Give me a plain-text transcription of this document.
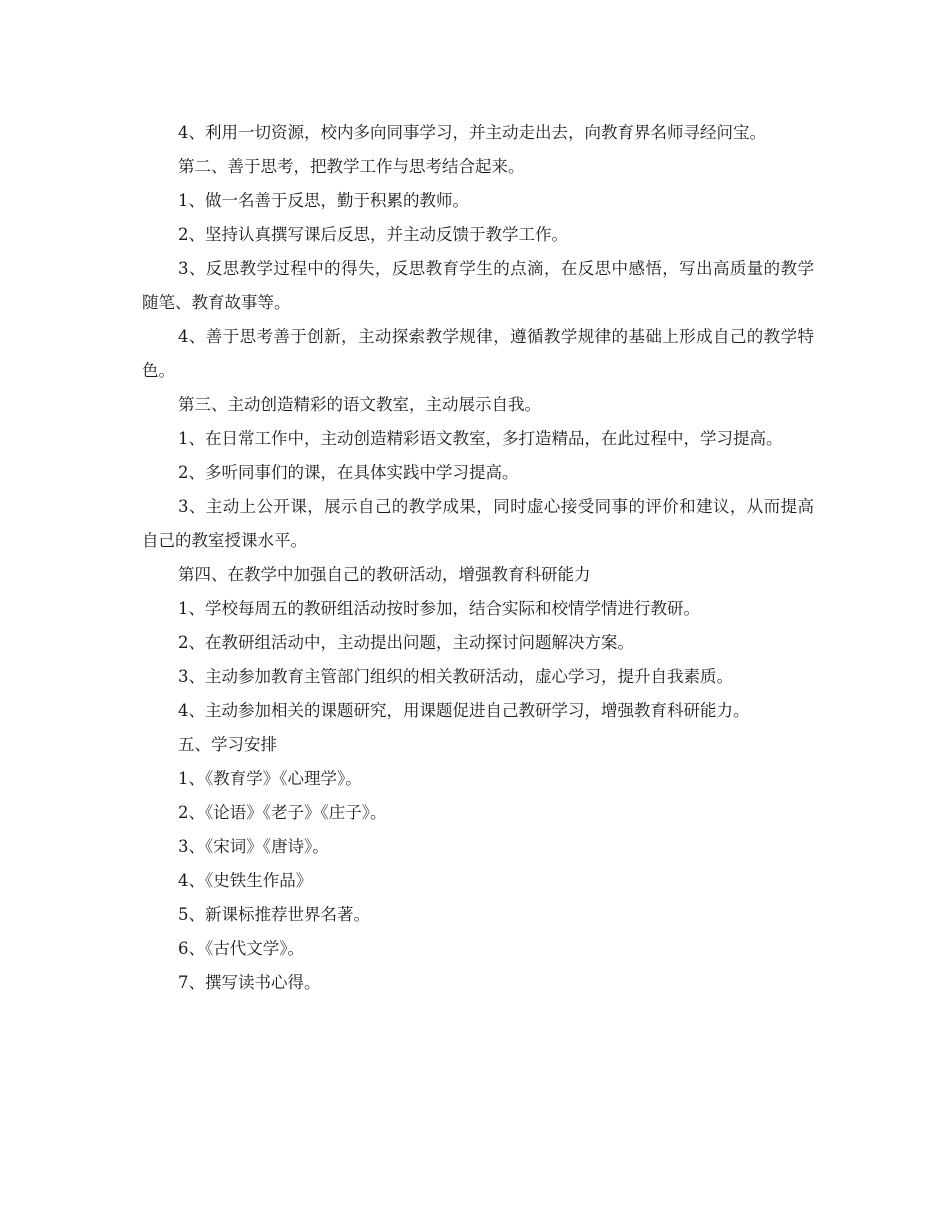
4、利用一切资源，校内多向同事学习，并主动走出去，向教育界名师寻经问宝。

第二、善于思考，把教学工作与思考结合起来。

1、做一名善于反思，勤于积累的教师。

2、坚持认真撰写课后反思，并主动反馈于教学工作。

3、反思教学过程中的得失，反思教育学生的点滴，在反思中感悟，写出高质量的教学随笔、教育故事等。

4、善于思考善于创新，主动探索教学规律，遵循教学规律的基础上形成自己的教学特色。

第三、主动创造精彩的语文教室，主动展示自我。

1、在日常工作中，主动创造精彩语文教室，多打造精品，在此过程中，学习提高。

2、多听同事们的课，在具体实践中学习提高。

3、主动上公开课，展示自己的教学成果，同时虚心接受同事的评价和建议，从而提高自己的教室授课水平。

第四、在教学中加强自己的教研活动，增强教育科研能力

1、学校每周五的教研组活动按时参加，结合实际和校情学情进行教研。

2、在教研组活动中，主动提出问题，主动探讨问题解决方案。

3、主动参加教育主管部门组织的相关教研活动，虚心学习，提升自我素质。

4、主动参加相关的课题研究，用课题促进自己教研学习，增强教育科研能力。

五、学习安排

1、《教育学》《心理学》。

2、《论语》《老子》《庄子》。

3、《宋词》《唐诗》。

4、《史铁生作品》

5、新课标推荐世界名著。

6、《古代文学》。

7、撰写读书心得。
